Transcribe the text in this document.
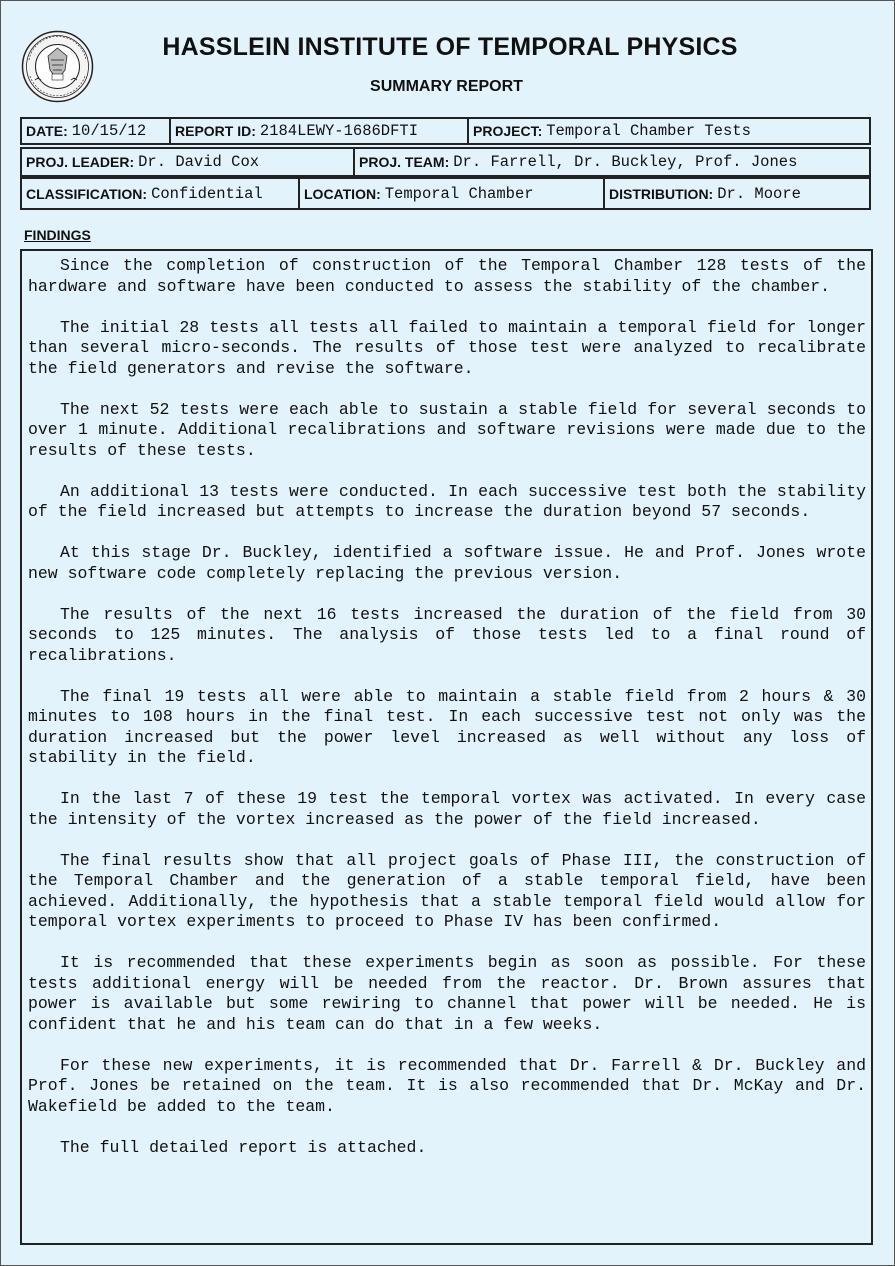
HASSLEIN INSTITUTE OF TEMPORAL PHYSICS
SUMMARY REPORT
DATE: 10/15/12 REPORT ID: 2184LEWY-1686DFTI	PROJECT: Temporal Chamber Tests
PROJ. LEADER: Dr. David Cox	PROJ. TEAM: Dr. Farrell, Dr. Buckley, Prof. Jones
CLASSIFICATION: Confidential	LOCATION: Temporal Chamber	DISTRIBUTION: Dr. Moore
FINDINGS

Since the completion of construction of the Temporal Chamber 128 tests of the hardware and software have been conducted to assess the stability of the chamber.

The initial 28 tests all tests all failed to maintain a temporal field for longer than several micro-seconds. The results of those test were analyzed to recalibrate the field generators and revise the software.

The next 52 tests were each able to sustain a stable field for several seconds to over 1 minute. Additional recalibrations and software revisions were made due to the results of these tests.

An additional 13 tests were conducted. In each successive test both the stability of the field increased but attempts to increase the duration beyond 57 seconds.

At this stage Dr. Buckley, identified a software issue. He and Prof. Jones wrote new software code completely replacing the previous version.

The results of the next 16 tests increased the duration of the field from 30 seconds to 125 minutes. The analysis of those tests led to a final round of recalibrations.

The final 19 tests all were able to maintain a stable field from 2 hours & 30 minutes to 108 hours in the final test. In each successive test not only was the duration increased but the power level increased as well without any loss of stability in the field.

In the last 7 of these 19 test the temporal vortex was activated. In every case the intensity of the vortex increased as the power of the field increased.

The final results show that all project goals of Phase III, the construction of the Temporal Chamber and the generation of a stable temporal field, have been achieved. Additionally, the hypothesis that a stable temporal field would allow for temporal vortex experiments to proceed to Phase IV has been confirmed.

It is recommended that these experiments begin as soon as possible. For these tests additional energy will be needed from the reactor. Dr. Brown assures that power is available but some rewiring to channel that power will be needed. He is confident that he and his team can do that in a few weeks.

For these new experiments, it is recommended that Dr. Farrell & Dr. Buckley and Prof. Jones be retained on the team. It is also recommended that Dr. McKay and Dr. Wakefield be added to the team.

The full detailed report is attached.
